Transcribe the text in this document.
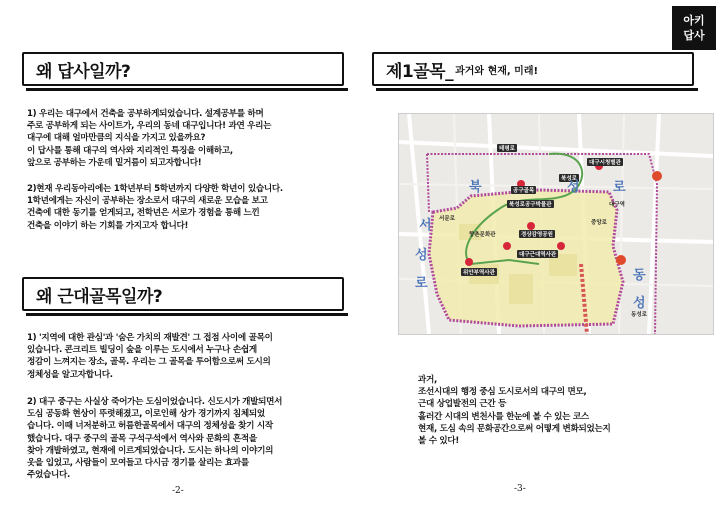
아키
답사
왜 답사일까?
1) 우리는 대구에서 건축을 공부하게되었습니다. 설계공부를 하며
주로 공부하게 되는 사이트가, 우리의 동네 대구입니다! 과연 우리는
대구에 대해 얼마만큼의 지식을 가지고 있을까요?
이 답사를 통해 대구의 역사와 지리적인 특징을 이해하고,
앞으로 공부하는 가운데 밑거름이 되고자합니다!
2)현재 우리동아리에는 1학년부터 5학년까지 다양한 학년이 있습니다.
1학년에게는 자신이 공부하는 장소로서 대구의 새로운 모습을 보고
건축에 대한 동기를 얻게되고, 전학년은 서로가 경험을 통해 느낀
건축을 이야기 하는 기회를 가지고자 합니다!
왜 근대골목일까?
1) '지역에 대한 관심'과 '숨은 가치의 재발견' 그 접점 사이에 골목이
있습니다. 콘크리트 빌딩이 숲을 이루는 도시에서 누구나 손쉽게
정감이 느껴지는 장소, 골목. 우리는 그 골목을 투어함으로써 도시의
정체성을 알고자합니다.
2) 대구 중구는 사실상 죽어가는 도심이었습니다. 신도시가 개발되면서
도심 공동화 현상이 뚜렷해졌고, 이로인해 상가 경기까지 침체되었
습니다. 이때 너저분하고 허름한골목에서 대구의 정체성을 찾기 시작
했습니다. 대구 중구의 골목 구석구석에서 역사와 문화의 흔적을
찾아 개발하였고, 현재에 이르게되었습니다. 도시는 하나의 이야기의
옷을 입었고, 사람들이 모여들고 다시금 경기를 살리는 효과를
주었습니다.
-2-
제1골목_ 과거와 현재, 미래!
태평로
대구시청별관
북성로
공구골목
북성로공구박물관
경상감영공원
대구근대역사관
향촌문화관
위안부역사관
서문로
중앙로
대구역
동성로
북	성	로
서
성
로
동
성
과거,
조선시대의 행정 중심 도시로서의 대구의 면모,
근대 상업발전의 근간 등
흘러간 시대의 변천사를 한눈에 볼 수 있는 코스
현재, 도심 속의 문화공간으로써 어떻게 변화되었는지
볼 수 있다!
-3-
